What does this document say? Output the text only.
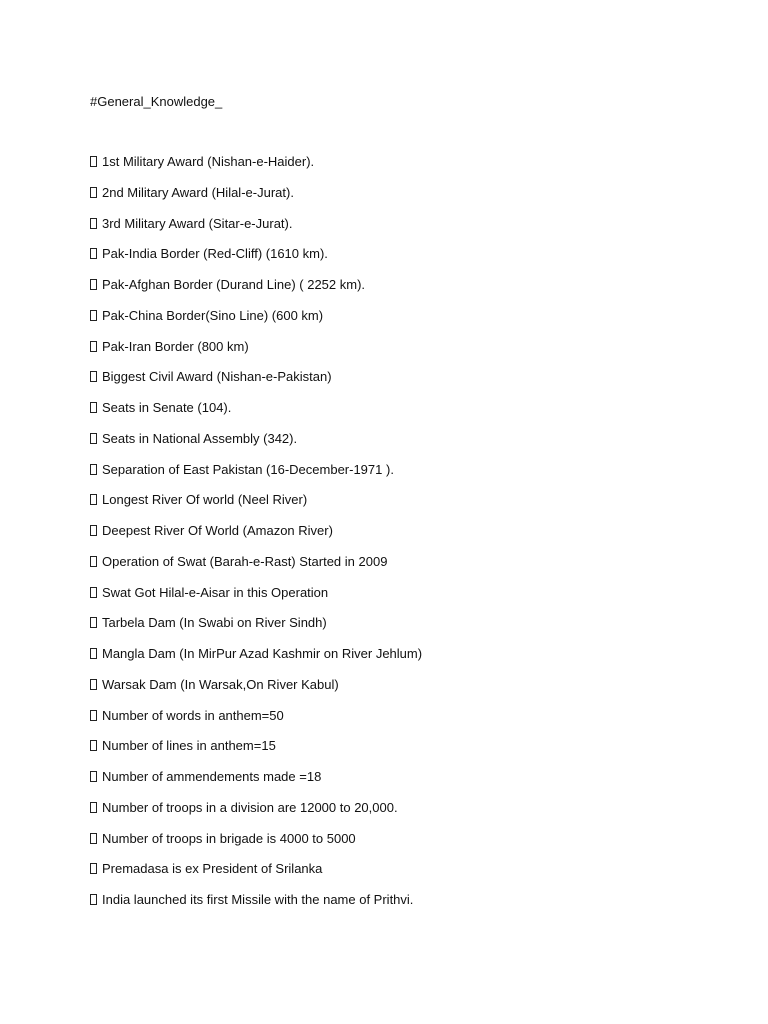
#General_Knowledge_
1st Military Award (Nishan-e-Haider).
2nd Military Award (Hilal-e-Jurat).
3rd Military Award (Sitar-e-Jurat).
Pak-India Border (Red-Cliff) (1610 km).
Pak-Afghan Border (Durand Line) ( 2252 km).
Pak-China Border(Sino Line) (600 km)
Pak-Iran Border (800 km)
Biggest Civil Award (Nishan-e-Pakistan)
Seats in Senate (104).
Seats in National Assembly (342).
Separation of East Pakistan (16-December-1971 ).
Longest River Of world (Neel River)
Deepest River Of World (Amazon River)
Operation of Swat (Barah-e-Rast) Started in 2009
Swat Got Hilal-e-Aisar in this Operation
Tarbela Dam (In Swabi on River Sindh)
Mangla Dam (In MirPur Azad Kashmir on River Jehlum)
Warsak Dam (In Warsak,On River Kabul)
Number of words in anthem=50
Number of lines in anthem=15
Number of ammendements made =18
Number of troops in a division are 12000 to 20,000.
Number of troops in brigade is 4000 to 5000
Premadasa is ex President of Srilanka
India launched its first Missile with the name of Prithvi.
